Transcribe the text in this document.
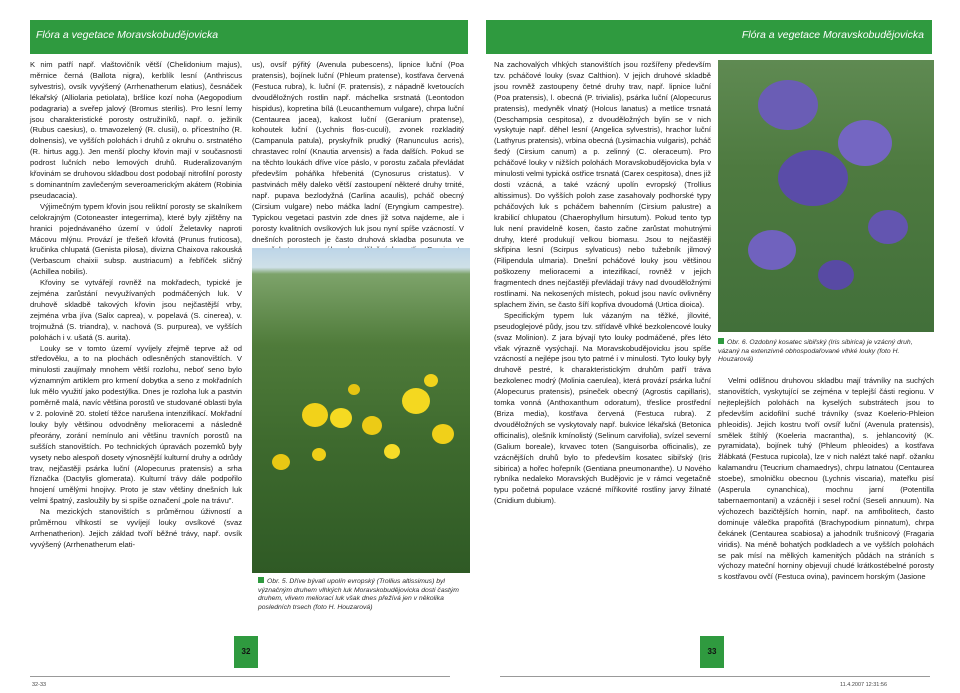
Flóra a vegetace Moravskobudějovicka	Flóra a vegetace Moravskobudějovicka

K nim patří např. vlaštovičník větší (Chelidonium majus), měrnice černá (Ballota nigra), kerblík lesní (Anthriscus sylvestris), ovsík vyvýšený (Arrhenatherum elatius), česnáček lékařský (Alliolaria petiolata), bršlice kozí noha (Aegopodium podagraria) a sveřep jalový (Bromus sterilis). Pro lesní lemy jsou charakteristické porosty ostružiníků, např. o. ježiník (Rubus caesius), o. tmavozelený (R. clusii), o. přícestního (R. dolnensis), ve vyšších polohách i druhů z okruhu o. srstnatého (R. hirtus agg.). Jen menší plochy křovin mají v současnosti podrost lučních nebo lemových druhů. Ruderalizovaným křovinám se druhovou skladbou dost podobají nitrofilní porosty s dominantním zavlečeným severoamerickým akátem (Robinia pseudacacia).

Výjimečným typem křovin jsou reliktní porosty se skalníkem celokrajným (Cotoneaster integerrima), které byly zjištěny na hranici pojednávaného území v údolí Želetavky naproti Mácovu mlýnu. Provází je třešeň křovitá (Prunus fruticosa), kručinka chlupatá (Genista pilosa), divizna Chaixova rakouská (Verbascum chaixii subsp. austriacum) a řebříček sličný (Achillea nobilis).

Křoviny se vytvářejí rovněž na mokřadech, typické je zejména zarůstání nevyužívaných podmáčených luk. V druhově skladbě takových křovin jsou nejčastější vrby, zejména vrba jíva (Salix caprea), v. popelavá (S. cinerea), v. trojmužná (S. triandra), v. nachová (S. purpurea), ve vyšších polohách i v. ušatá (S. aurita).

Louky se v tomto území vyvíjely zřejmě teprve až od středověku, a to na plochách odlesněných stanovištích. V minulosti zaujímaly mnohem větší rozlohu, neboť seno bylo významným artiklem pro krmení dobytka a seno z mokřadních luk mělo využití jako podestýlka. Dnes je rozloha luk a pastvin poměrně malá, navíc většina porostů ve studované oblasti byla v 2. polovině 20. století těžce narušena intenzifikací. Mokřadní louky byly většinou odvodněny melioracemi a následně přeorány, zorání nemínulo ani většinu travních porostů na sušších stanovištích. Po technických úpravách pozemků byly vysety nebo alespoň dosety výnosnější kulturní druhy a odrůdy trav, nejčastěji psárka luční (Alopecurus pratensis) a srha říznačka (Dactylis glomerata). Kulturní trávy dále podpořilo hnojení umělými hnojivy. Proto je stav většiny dnešních luk velmi špatný, zasloužily by si spíše označení „pole na trávu".

Na mezických stanovištích s průměrnou úživností a průměrnou vlhkostí se vyvíjejí louky ovsíkové (svaz Arrhenatherion). Jejich základ tvoří běžné trávy, např. ovsík vyvýšený (Arrhenatherum elati-

us), ovsíř pýřitý (Avenula pubescens), lipnice luční (Poa pratensis), bojínek luční (Phleum pratense), kostřava červená (Festuca rubra), k. luční (F. pratensis), z nápadně kvetoucích dvouděložných rostlin např. máchelka srstnatá (Leontodon hispidus), kopretina bílá (Leucanthemum vulgare), chrpa luční (Centaurea jacea), kakost luční (Geranium pratense), kohoutek luční (Lychnis flos-cuculi), zvonek rozkladitý (Campanula patula), pryskyřník prudký (Ranunculus acris), chrastavec rolní (Knautia arvensis) a řada dalších. Pokud se na těchto loukách dříve více páslo, v porostu začala převládat především poháňka hřebenitá (Cynosurus cristatus). V pastvinách měly daleko větší zastoupení některé druhy trnité, např. pupava bezlodyžná (Carlina acaulis), pcháč obecný (Cirsium vulgare) nebo máčka ladní (Eryngium campestre). Typickou vegetaci pastvin zde dnes již sotva najdeme, ale i porosty kvalitních ovsíkových luk jsou nyní spíše vzácností. V dnešních porostech je často druhová skladba posunuta ve

Obr. 5. Dříve bývalí upolín evropský (Trollius altissimus) byl význačným druhem vlhkých luk Moravskobudějovicka dosti častým druhem, vlivem meliorací luk však dnes přežívá jen v několika posledních trsech (foto H. Houzarová)

Na zachovalých vlhkých stanovištích jsou rozšířeny především tzv. pcháčové louky (svaz Calthion). V jejich druhové skladbě jsou rovněž zastoupeny četné druhy trav, např. lipnice luční (Poa pratensis), l. obecná (P. trivialis), psárka luční (Alopecurus pratensis), medyněk vlnatý (Holcus lanatus) a metlice trsnatá (Deschampsia cespitosa), z dvouděložných bylin se v nich vyskytuje např. děhel lesní (Angelica sylvestris), hrachor luční (Lathyrus pratensis), vrbina obecná (Lysimachia vulgaris), pcháč šedý (Cirsium canum) a p. zelinný (C. oleraceum). Pro pcháčové louky v nižších polohách Moravskobudějovicka byla v minulosti velmi typická ostřice trsnatá (Carex cespitosa), dnes již dosti vzácná, a také vzácný upolín evropský (Trollius altissimus). Do vyšších poloh zase zasahovaly podhorské typy pcháčových luk s pcháčem bahenním (Cirsium palustre) a krabilicí chlupatou (Chaerophyllum hirsutum). Pokud tento typ luk není pravidelně kosen, často začne zarůstat mohutnými druhy, které produkují velkou biomasu. Jsou to nejčastěji skřipina lesní (Scirpus sylvaticus) nebo tužebník jilmový (Filipendula ulmaria). Dnešní pcháčové louky jsou většinou poškozeny melioracemi a intezifikací, rovněž v jejich fragmentech dnes nejčastěji převládají trávy nad dvouděložnými rostlinami. Na nekosených místech, pokud jsou navíc ovlivněny splachem živin, se často šíří kopřiva dvoudomá (Urtica dioica).

Specifickým typem luk vázaným na těžké, jílovité, pseudoglejové půdy, jsou tzv. střídavě vlhké bezkolencové louky (svaz Molinion). Z jara bývají tyto louky podmáčené, přes léto však výrazně vysýchají. Na Moravskobudějovicku jsou spíše vzácností a nejlépe jsou tyto patrné i v minulosti. Tyto louky byly druhově pestré, k charakteristickým druhům patří tráva bezkolenec modrý (Molinia caerulea), která provází psárka luční (Alopecurus pratensis), psineček obecný (Agrostis capillaris), tomka vonná (Anthoxanthum odoratum), třeslice prostřední (Briza media), kostřava červená (Festuca rubra). Z dvouděložných se vyskytovaly např. bukvice lékařská (Betonica officinalis), olešník kmínolistý (Selinum carvifolia), svízel severní (Galium boreale), krvavec toten (Sanguisorba officinalis), ze vzácnějších druhů bylo to především kosatec sibiřský (Iris sibirica) a hořec hořepník (Gentiana pneumonanthe). U Nového rybníka nedaleko Moravských Budějovic je v rámci vegetačně typu početná populace vzácné mířikovité rostliny jarvy žilnaté (Cnidium dubium).

Obr. 6. Ozdobný kosatec sibiřský (Iris sibirica) je vzácný druh, vázaný na extenzivně obhospodařované vlhké louky (foto H. Houzarová)

Velmi odlišnou druhovou skladbu mají trávníky na suchých stanovištích, vyskytující se zejména v teplejší části regionu. V nejteplejších polohách na kyselých substrátech jsou to především acidofilní suché trávníky (svaz Koelerio-Phleion phleoidis). Jejich kostru tvoří ovsíř luční (Avenula pratensis), smělek štíhlý (Koeleria macrantha), s. jehlancovitý (K. pyramidata), bojínek tuhý (Phleum phleoides) a kostřava žlábkatá (Festuca rupicola), lze v nich nalézt také např. ožanku kalamandru (Teucrium chamaedrys), chrpu latnatou (Centaurea stoebe), smolničku obecnou (Lychnis viscaria), mateřku pisí (Asperula cynanchica), mochnu jarní (Potentilla tabernaemontani) a vzácněji i sesel roční (Seseli annuum). Na výchozech bazičtějších hornin, např. na amfibolitech, často dominuje válečka prapořitá (Brachypodium pinnatum), chrpa čekánek (Centaurea scabiosa) a jahodník trušnicový (Fragaria viridis). Na méně bohatých podkladech a ve vyšších polohách se pak mísí na mělkých kamenitých půdách na stráních s výchozy mateční horniny objevují chudé krátkostébelné porosty s kostřavou ovčí (Festuca ovina), pavincem horským (Jasione

32	33
32-33	11.4.2007 12:31:56
